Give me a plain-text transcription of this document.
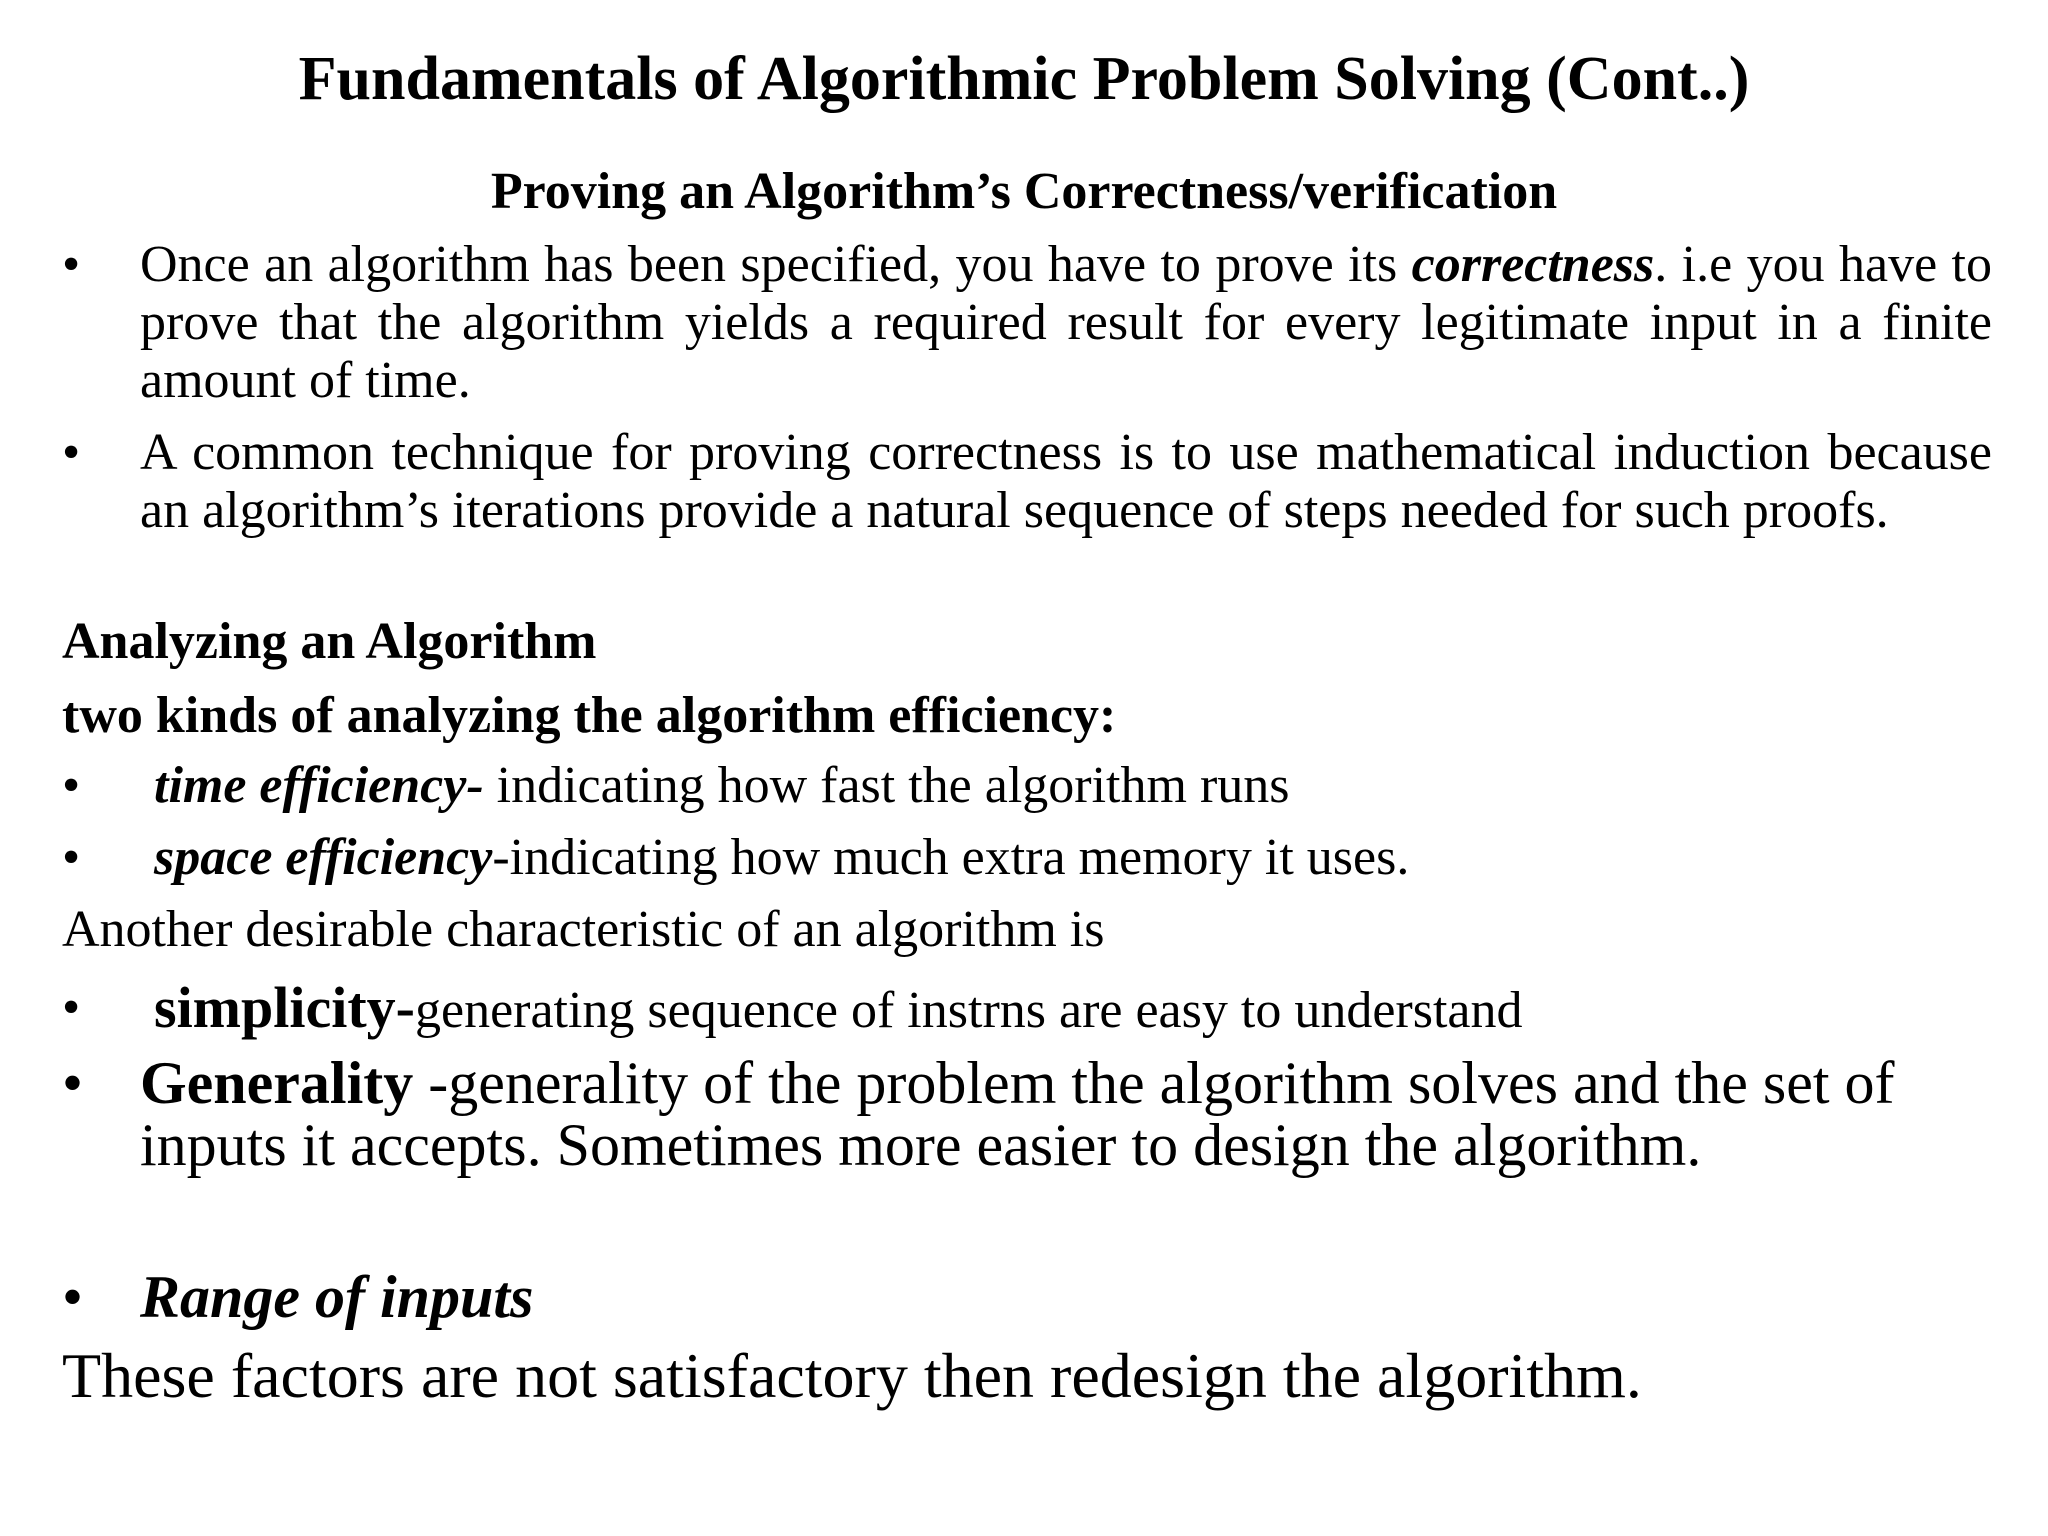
Fundamentals of Algorithmic Problem Solving (Cont..)
Proving an Algorithm’s Correctness/verification
•	Once an algorithm has been specified, you have to prove its correctness. i.e you have to prove that the algorithm yields a required result for every legitimate input in a finite amount of time.
•	A common technique for proving correctness is to use mathematical induction because an algorithm’s iterations provide a natural sequence of steps needed for such proofs.
Analyzing an Algorithm
two kinds of analyzing the algorithm efficiency:
•	time efficiency- indicating how fast the algorithm runs
•	space efficiency-indicating how much extra memory it uses.
Another desirable characteristic of an algorithm is
•	simplicity-generating sequence of instrns are easy to understand
• Generality -generality of the problem the algorithm solves and the set of inputs it accepts. Sometimes more easier to design the algorithm.
• Range of inputs
These factors are not satisfactory then redesign the algorithm.
